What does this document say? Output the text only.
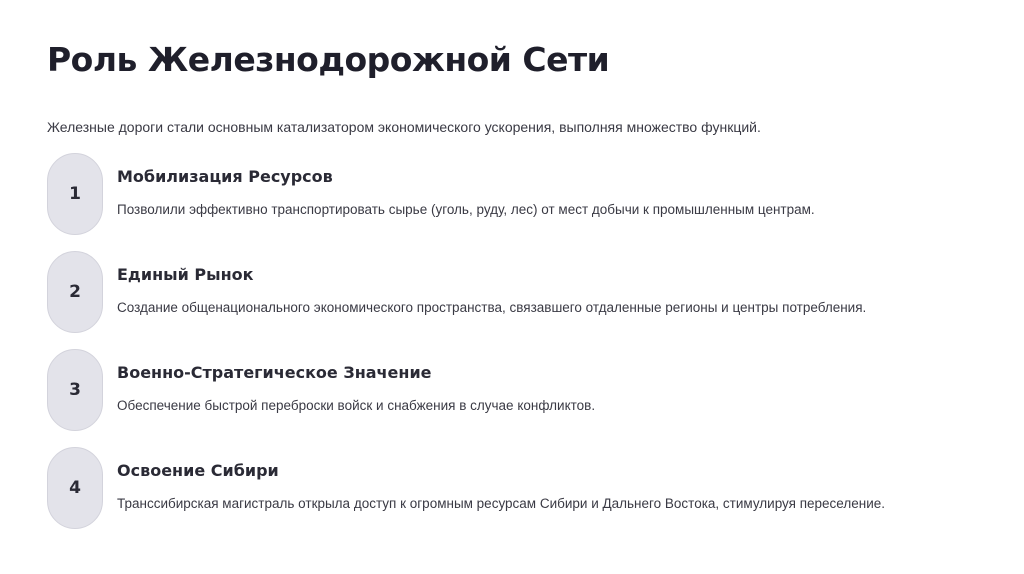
Роль Железнодорожной Сети

Железные дороги стали основным катализатором экономического ускорения, выполняя множество функций.

1
Мобилизация Ресурсов

Позволили эффективно транспортировать сырье (уголь, руду, лес) от мест добычи к промышленным центрам.

2
Единый Рынок

Создание общенационального экономического пространства, связавшего отдаленные регионы и центры потребления.

3
Военно-Стратегическое Значение

Обеспечение быстрой переброски войск и снабжения в случае конфликтов.

4
Освоение Сибири

Транссибирская магистраль открыла доступ к огромным ресурсам Сибири и Дальнего Востока, стимулируя переселение.
